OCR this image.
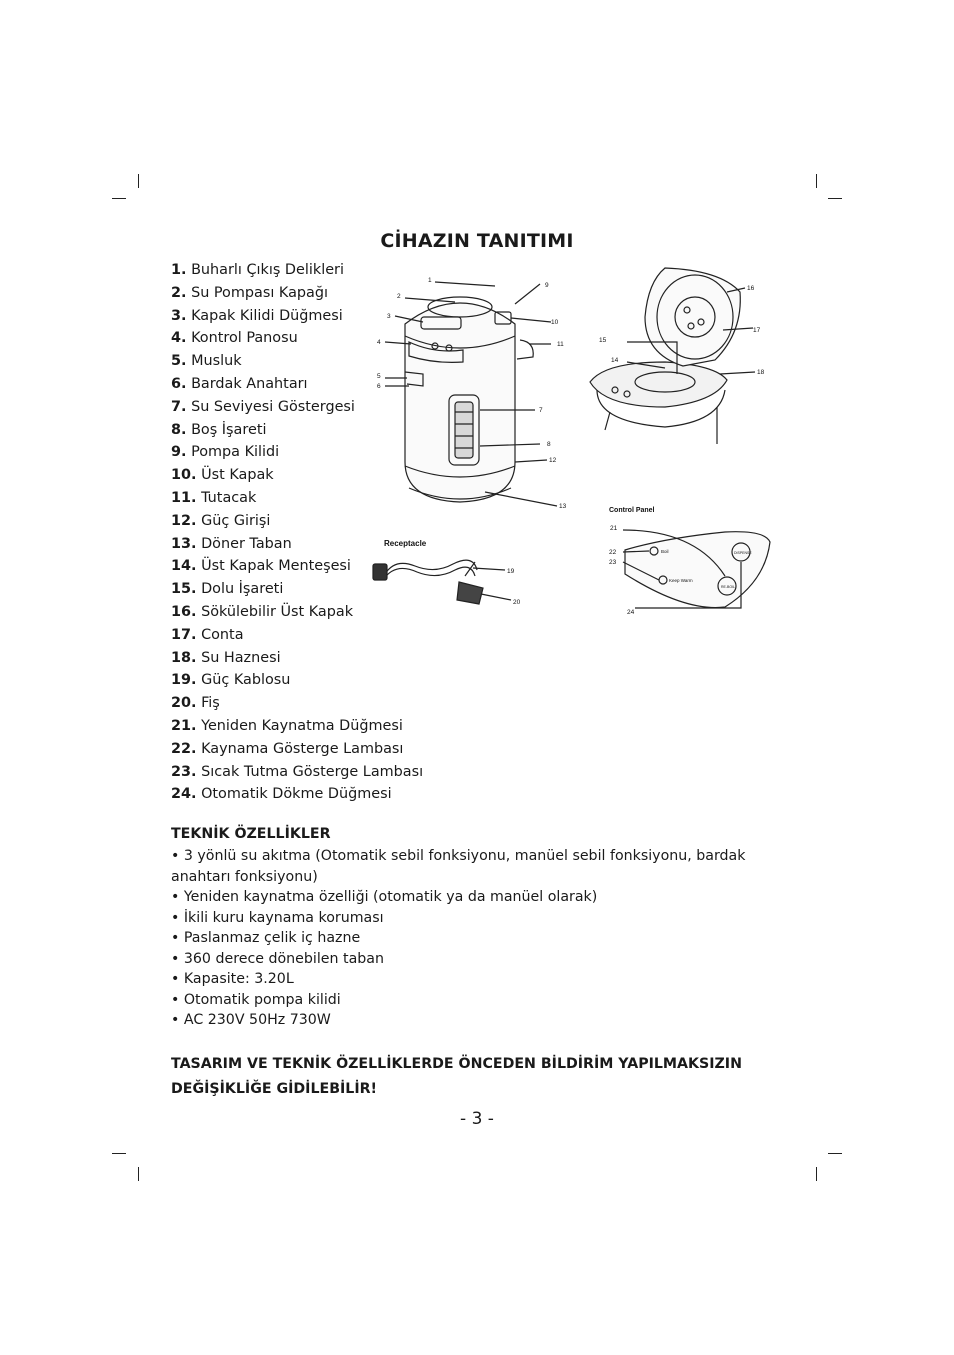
CİHAZIN TANITIMI
1. Buharlı Çıkış Delikleri
2. Su Pompası Kapağı
3. Kapak Kilidi Düğmesi
4. Kontrol Panosu
5. Musluk
6. Bardak Anahtarı
7. Su Seviyesi Göstergesi
8. Boş İşareti
9. Pompa Kilidi
10. Üst Kapak
11. Tutacak
12. Güç Girişi
13. Döner Taban
14. Üst Kapak Menteşesi
15. Dolu İşareti
16. Sökülebilir Üst Kapak
17. Conta
18. Su Haznesi
19. Güç Kablosu
20. Fiş
21. Yeniden Kaynatma Düğmesi
22. Kaynama Gösterge Lambası
23. Sıcak Tutma Gösterge Lambası
24. Otomatik Dökme Düğmesi
1
2
3
4
5
6
7
8
9
10
11
12
13
14
15
16
17
18
19
20
21
22
23
24
Receptacle
Control Panel
Boil
Keep Warm
DISPENSE
RE-BOIL
TEKNİK ÖZELLİKLER
• 3 yönlü su akıtma (Otomatik sebil fonksiyonu, manüel sebil fonksiyonu, bardak anahtarı fonksiyonu)
• Yeniden kaynatma özelliği (otomatik ya da manüel olarak)
• İkili kuru kaynama koruması
• Paslanmaz çelik iç hazne
• 360 derece dönebilen taban
• Kapasite: 3.20L
• Otomatik pompa kilidi
• AC 230V 50Hz 730W
TASARIM VE TEKNİK ÖZELLİKLERDE ÖNCEDEN BİLDİRİM YAPILMAKSIZIN DEĞİŞİKLİĞE GİDİLEBİLİR!
- 3 -
